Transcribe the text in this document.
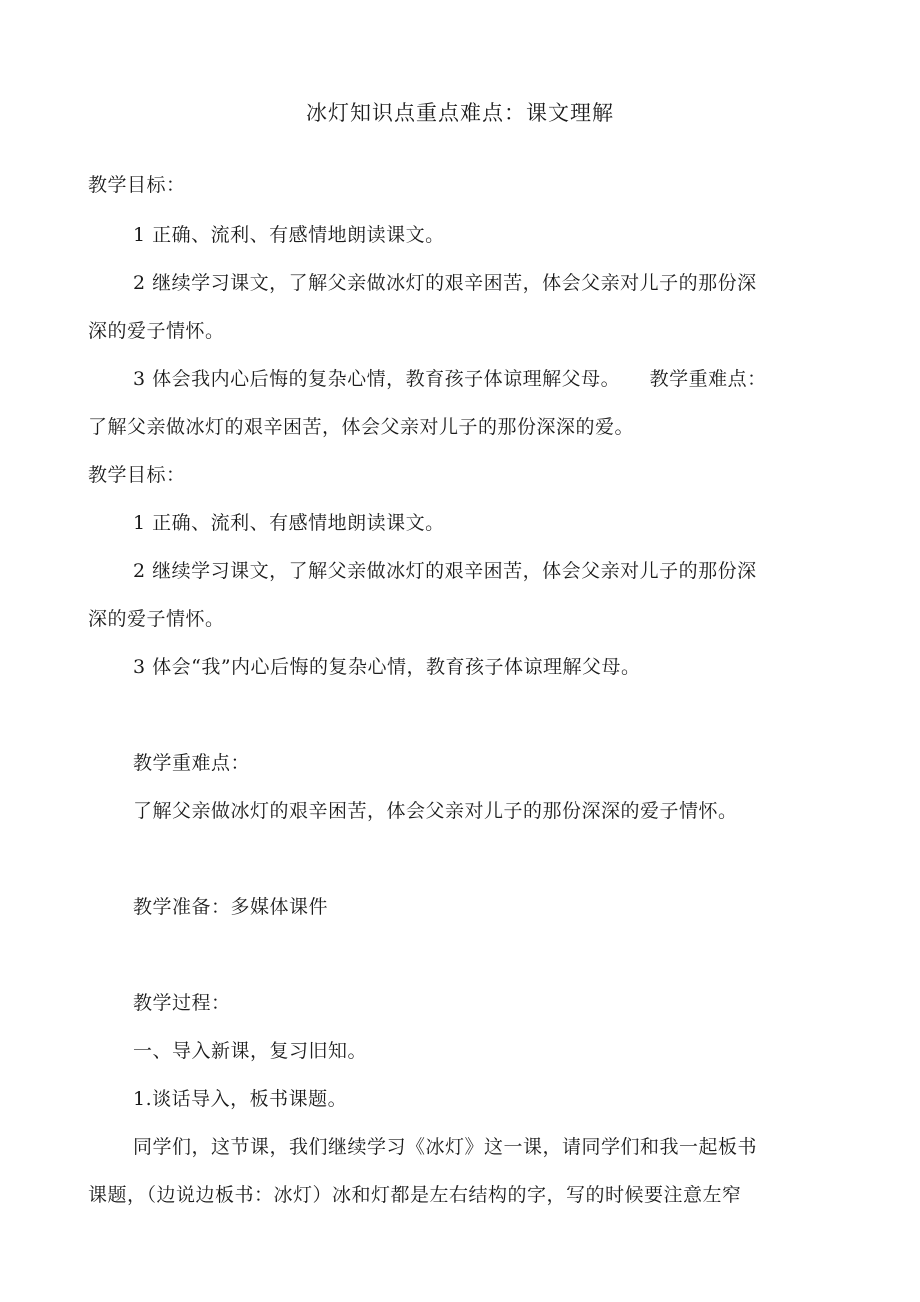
冰灯知识点重点难点：课文理解
教学目标：
1 正确、流利、有感情地朗读课文。
2 继续学习课文，了解父亲做冰灯的艰辛困苦，体会父亲对儿子的那份深
深的爱子情怀。
3 体会我内心后悔的复杂心情，教育孩子体谅理解父母。　　教学重难点：
了解父亲做冰灯的艰辛困苦，体会父亲对儿子的那份深深的爱。
教学目标：
1 正确、流利、有感情地朗读课文。
2 继续学习课文，了解父亲做冰灯的艰辛困苦，体会父亲对儿子的那份深
深的爱子情怀。
3 体会“我”内心后悔的复杂心情，教育孩子体谅理解父母。
教学重难点：
了解父亲做冰灯的艰辛困苦，体会父亲对儿子的那份深深的爱子情怀。
教学准备：多媒体课件
教学过程：
一、导入新课，复习旧知。
1.谈话导入，板书课题。
同学们，这节课，我们继续学习《冰灯》这一课，请同学们和我一起板书
课题，（边说边板书：冰灯）冰和灯都是左右结构的字，写的时候要注意左窄
